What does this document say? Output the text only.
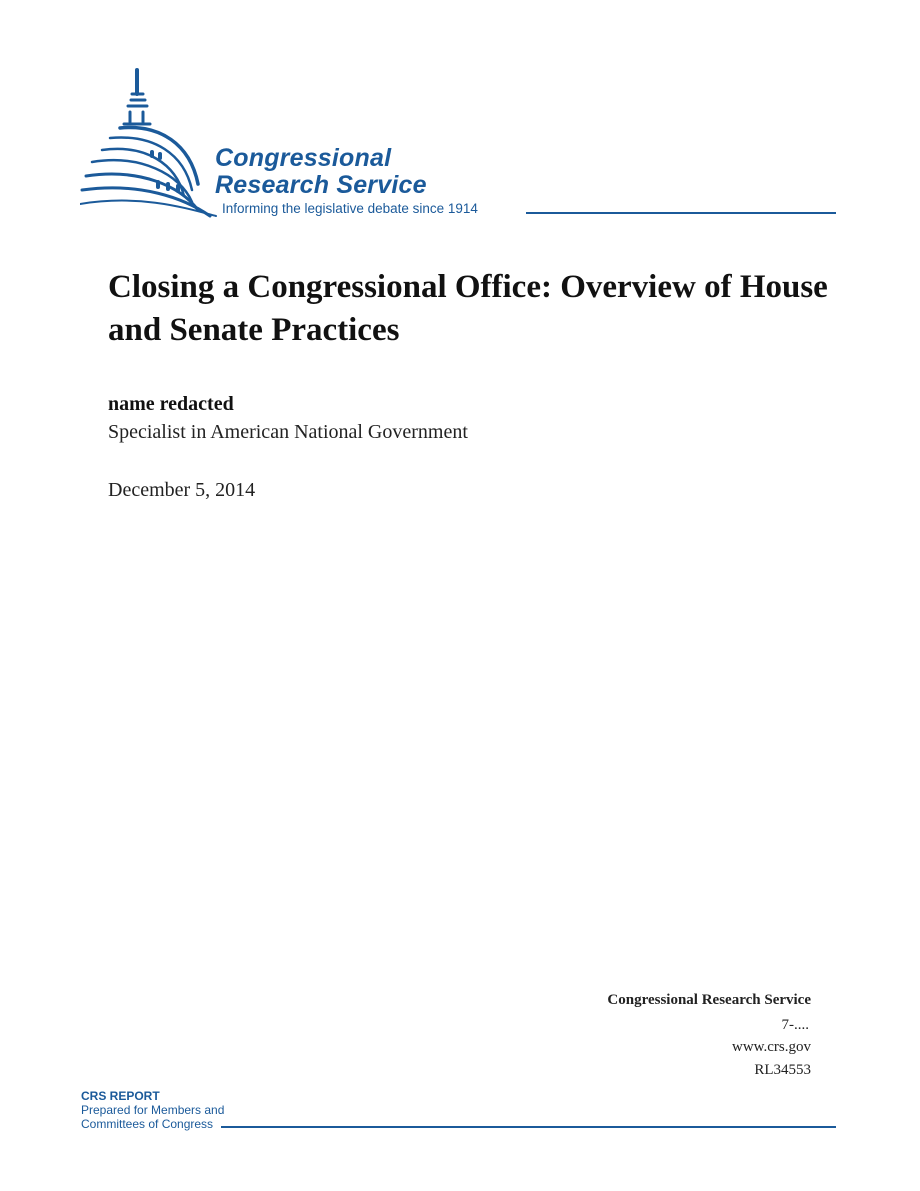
Congressional
Research Service
Informing the legislative debate since 1914
Closing a Congressional Office: Overview of House and Senate Practices
name redacted
Specialist in American National Government
December 5, 2014
Congressional Research Service
7-....
www.crs.gov
RL34553
CRS REPORT
Prepared for Members and
Committees of Congress
